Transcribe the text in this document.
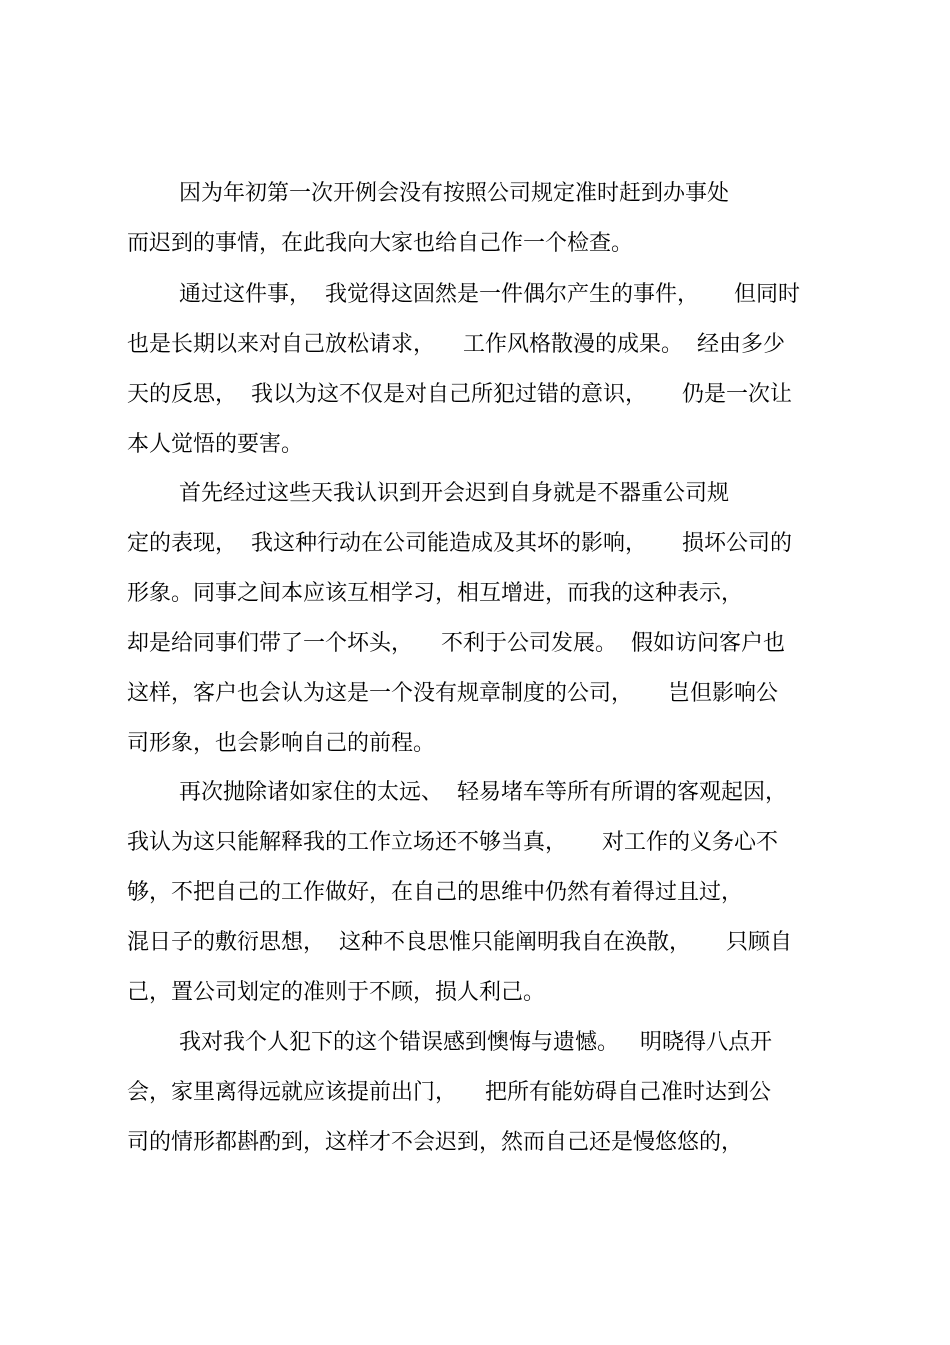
因为年初第一次开例会没有按照公司规定准时赶到办事处

而迟到的事情，在此我向大家也给自己作一个检查。

通过这件事，  我觉得这固然是一件偶尔产生的事件，     但同时

也是长期以来对自己放松请求，    工作风格散漫的成果。  经由多少

天的反思，  我以为这不仅是对自己所犯过错的意识，     仍是一次让

本人觉悟的要害。

首先经过这些天我认识到开会迟到自身就是不器重公司规

定的表现，  我这种行动在公司能造成及其坏的影响，     损坏公司的

形象。同事之间本应该互相学习，相互增进，而我的这种表示，

却是给同事们带了一个坏头，    不利于公司发展。  假如访问客户也

这样，客户也会认为这是一个没有规章制度的公司，     岂但影响公

司形象，也会影响自己的前程。

再次抛除诸如家住的太远、  轻易堵车等所有所谓的客观起因，

我认为这只能解释我的工作立场还不够当真，     对工作的义务心不

够，不把自己的工作做好，在自己的思维中仍然有着得过且过，

混日子的敷衍思想，  这种不良思惟只能阐明我自在涣散，     只顾自

己，置公司划定的准则于不顾，损人利己。

我对我个人犯下的这个错误感到懊悔与遗憾。   明晓得八点开

会，家里离得远就应该提前出门，    把所有能妨碍自己准时达到公

司的情形都斟酌到，这样才不会迟到，然而自己还是慢悠悠的，
